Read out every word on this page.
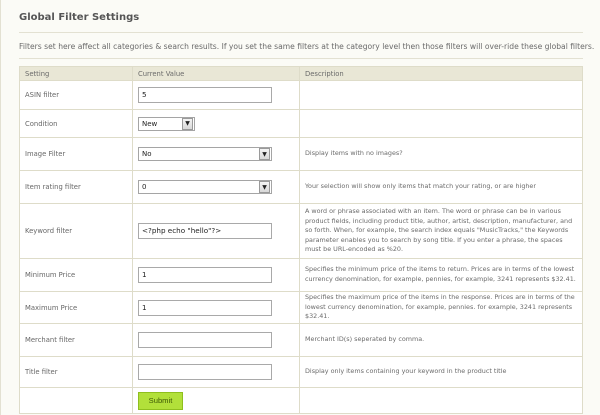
Global Filter Settings

Filters set here affect all categories & search results. If you set the same filters at the category level then those filters will over-ride these global filters.

Setting	Current Value	Description
ASIN filter	5	
Condition	New ▼	

Image Filter	No ▼	Display items with no images?
Item rating filter	0 ▼	Your selection will show only items that match your rating, or are higher
Keyword filter	<?php echo "hello"?>	A word or phrase associated with an item. The word or phrase can be in various product fields, including product title, author, artist, description, manufacturer, and so forth. When, for example, the search index equals "MusicTracks," the Keywords parameter enables you to search by song title. If you enter a phrase, the spaces must be URL-encoded as %20.
Minimum Price	1	Specifies the minimum price of the items to return. Prices are in terms of the lowest currency denomination, for example, pennies, for example, 3241 represents $32.41.
Maximum Price	1	Specifies the maximum price of the items in the response. Prices are in terms of the lowest currency denomination, for example, pennies. for example, 3241 represents $32.41.
Merchant filter		Merchant ID(s) seperated by comma.
Title filter		Display only items containing your keyword in the product title
	Submit	
